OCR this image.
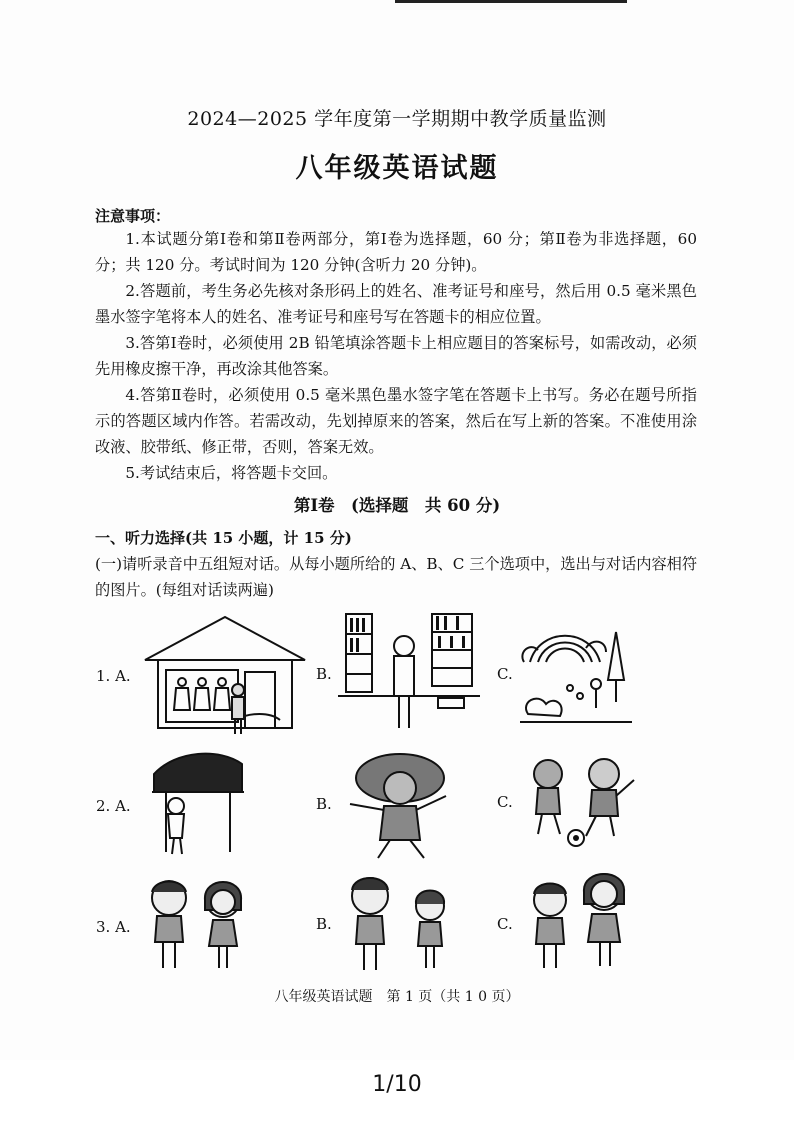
2024—2025 学年度第一学期期中教学质量监测
八年级英语试题
注意事项：

1.本试题分第Ⅰ卷和第Ⅱ卷两部分，第Ⅰ卷为选择题，60 分；第Ⅱ卷为非选择题，60 分；共 120 分。考试时间为 120 分钟(含听力 20 分钟)。

2.答题前，考生务必先核对条形码上的姓名、准考证号和座号，然后用 0.5 毫米黑色墨水签字笔将本人的姓名、准考证号和座号写在答题卡的相应位置。

3.答第Ⅰ卷时，必须使用 2B 铅笔填涂答题卡上相应题目的答案标号，如需改动，必须先用橡皮擦干净，再改涂其他答案。

4.答第Ⅱ卷时，必须使用 0.5 毫米黑色墨水签字笔在答题卡上书写。务必在题号所指示的答题区域内作答。若需改动，先划掉原来的答案，然后在写上新的答案。不准使用涂改液、胶带纸、修正带，否则，答案无效。

5.考试结束后，将答题卡交回。

第Ⅰ卷　(选择题　共 60 分)
一、听力选择(共 15 小题，计 15 分)
(一)请听录音中五组短对话。从每小题所给的 A、B、C 三个选项中，选出与对话内容相符的图片。(每组对话读两遍)
1. A.	B.	C.
2. A.	B.	C.
3. A.	B.	C.
八年级英语试题　第 1 页（共 1 0 页）
1/10
